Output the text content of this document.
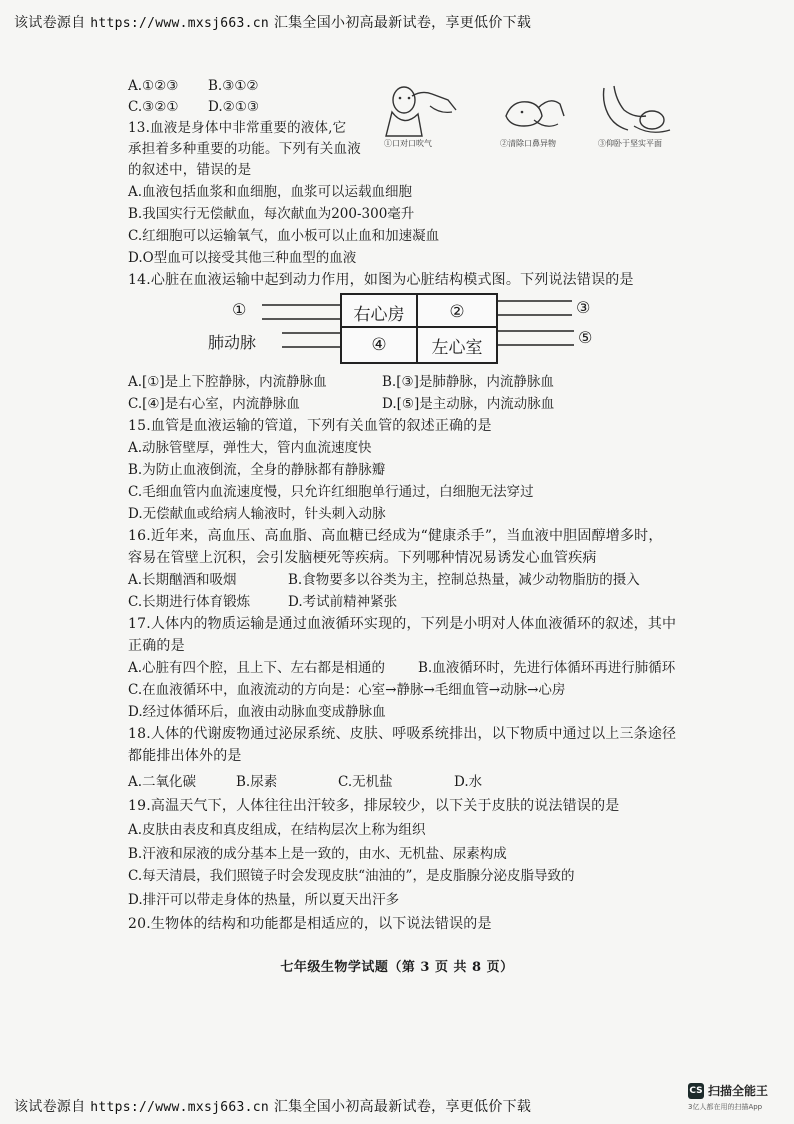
该试卷源自 https://www.mxsj663.cn 汇集全国小初高最新试卷，享更低价下载
A.①②③ B.③①②
C.③②① D.②①③
①口对口吹气	②清除口鼻异物	③仰卧于坚实平面
13.血液是身体中非常重要的液体,它
承担着多种重要的功能。下列有关血液
的叙述中，错误的是
A.血液包括血浆和血细胞，血浆可以运载血细胞
B.我国实行无偿献血，每次献血为200-300毫升
C.红细胞可以运输氧气，血小板可以止血和加速凝血
D.O型血可以接受其他三种血型的血液
14.心脏在血液运输中起到动力作用，如图为心脏结构模式图。下列说法错误的是
右心房	②
④	左心室
①
肺动脉
③
⑤
A.[①]是上下腔静脉，内流静脉血	B.[③]是肺静脉，内流静脉血
C.[④]是右心室，内流静脉血	D.[⑤]是主动脉，内流动脉血
15.血管是血液运输的管道，下列有关血管的叙述正确的是
A.动脉管壁厚，弹性大，管内血流速度快
B.为防止血液倒流，全身的静脉都有静脉瓣
C.毛细血管内血流速度慢，只允许红细胞单行通过，白细胞无法穿过
D.无偿献血或给病人输液时，针头刺入动脉
16.近年来，高血压、高血脂、高血糖已经成为“健康杀手”，当血液中胆固醇增多时，
容易在管壁上沉积，会引发脑梗死等疾病。下列哪种情况易诱发心血管疾病
A.长期酗酒和吸烟	B.食物要多以谷类为主，控制总热量，减少动物脂肪的摄入
C.长期进行体育锻炼	D.考试前精神紧张
17.人体内的物质运输是通过血液循环实现的，下列是小明对人体血液循环的叙述，其中
正确的是
A.心脏有四个腔，且上下、左右都是相通的 B.血液循环时，先进行体循环再进行肺循环
C.在血液循环中，血液流动的方向是：心室→静脉→毛细血管→动脉→心房
D.经过体循环后，血液由动脉血变成静脉血
18.人体的代谢废物通过泌尿系统、皮肤、呼吸系统排出，以下物质中通过以上三条途径
都能排出体外的是
A.二氧化碳	B.尿素	C.无机盐	D.水
19.高温天气下，人体往往出汗较多，排尿较少，以下关于皮肤的说法错误的是
A.皮肤由表皮和真皮组成，在结构层次上称为组织
B.汗液和尿液的成分基本上是一致的，由水、无机盐、尿素构成
C.每天清晨，我们照镜子时会发现皮肤“油油的”，是皮脂腺分泌皮脂导致的
D.排汗可以带走身体的热量，所以夏天出汗多
20.生物体的结构和功能都是相适应的，以下说法错误的是
七年级生物学试题（第 3 页 共 8 页）
该试卷源自 https://www.mxsj663.cn 汇集全国小初高最新试卷，享更低价下载
CS 扫描全能王
3亿人都在用的扫描App
